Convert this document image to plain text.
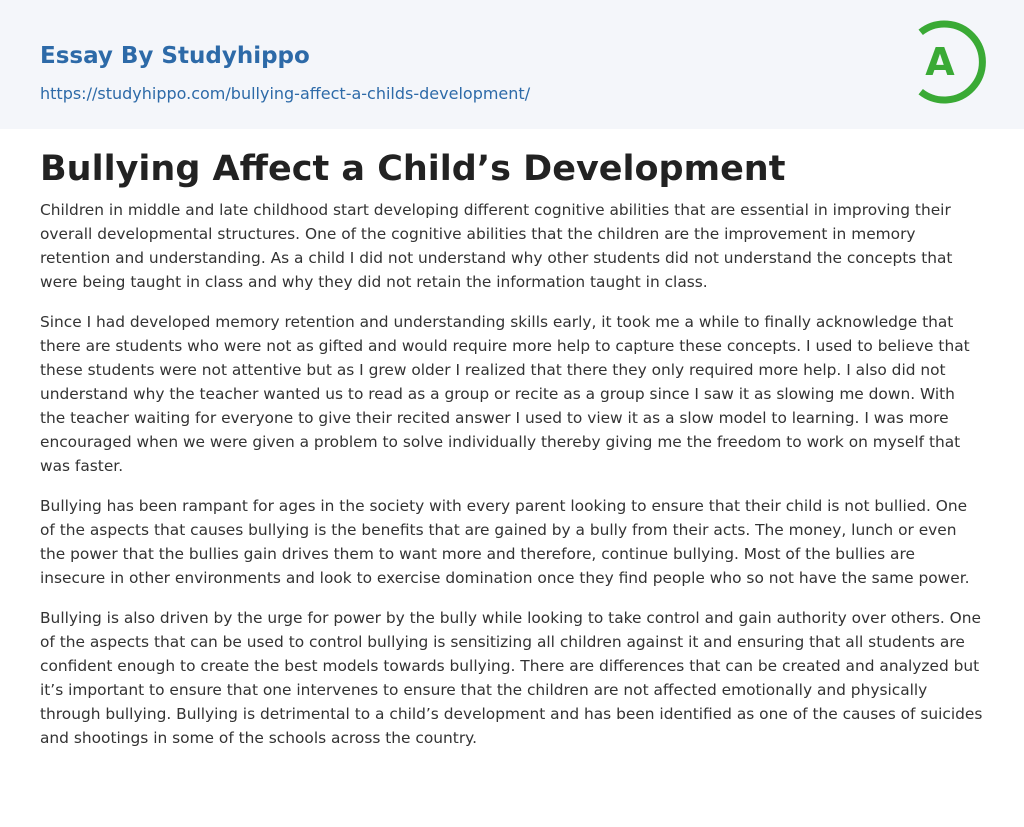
Essay By Studyhippo
https://studyhippo.com/bullying-affect-a-childs-development/
A
Bullying Affect a Child’s Development

Children in middle and late childhood start developing different cognitive abilities that are essential in improving their overall developmental structures. One of the cognitive abilities that the children are the improvement in memory retention and understanding. As a child I did not understand why other students did not understand the concepts that were being taught in class and why they did not retain the information taught in class.

Since I had developed memory retention and understanding skills early, it took me a while to finally acknowledge that there are students who were not as gifted and would require more help to capture these concepts. I used to believe that these students were not attentive but as I grew older I realized that there they only required more help. I also did not understand why the teacher wanted us to read as a group or recite as a group since I saw it as slowing me down. With the teacher waiting for everyone to give their recited answer I used to view it as a slow model to learning. I was more encouraged when we were given a problem to solve individually thereby giving me the freedom to work on myself that was faster.

Bullying has been rampant for ages in the society with every parent looking to ensure that their child is not bullied. One of the aspects that causes bullying is the benefits that are gained by a bully from their acts. The money, lunch or even the power that the bullies gain drives them to want more and therefore, continue bullying. Most of the bullies are insecure in other environments and look to exercise domination once they find people who so not have the same power.

Bullying is also driven by the urge for power by the bully while looking to take control and gain authority over others. One of the aspects that can be used to control bullying is sensitizing all children against it and ensuring that all students are confident enough to create the best models towards bullying. There are differences that can be created and analyzed but it’s important to ensure that one intervenes to ensure that the children are not affected emotionally and physically through bullying. Bullying is detrimental to a child’s development and has been identified as one of the causes of suicides and shootings in some of the schools across the country.
